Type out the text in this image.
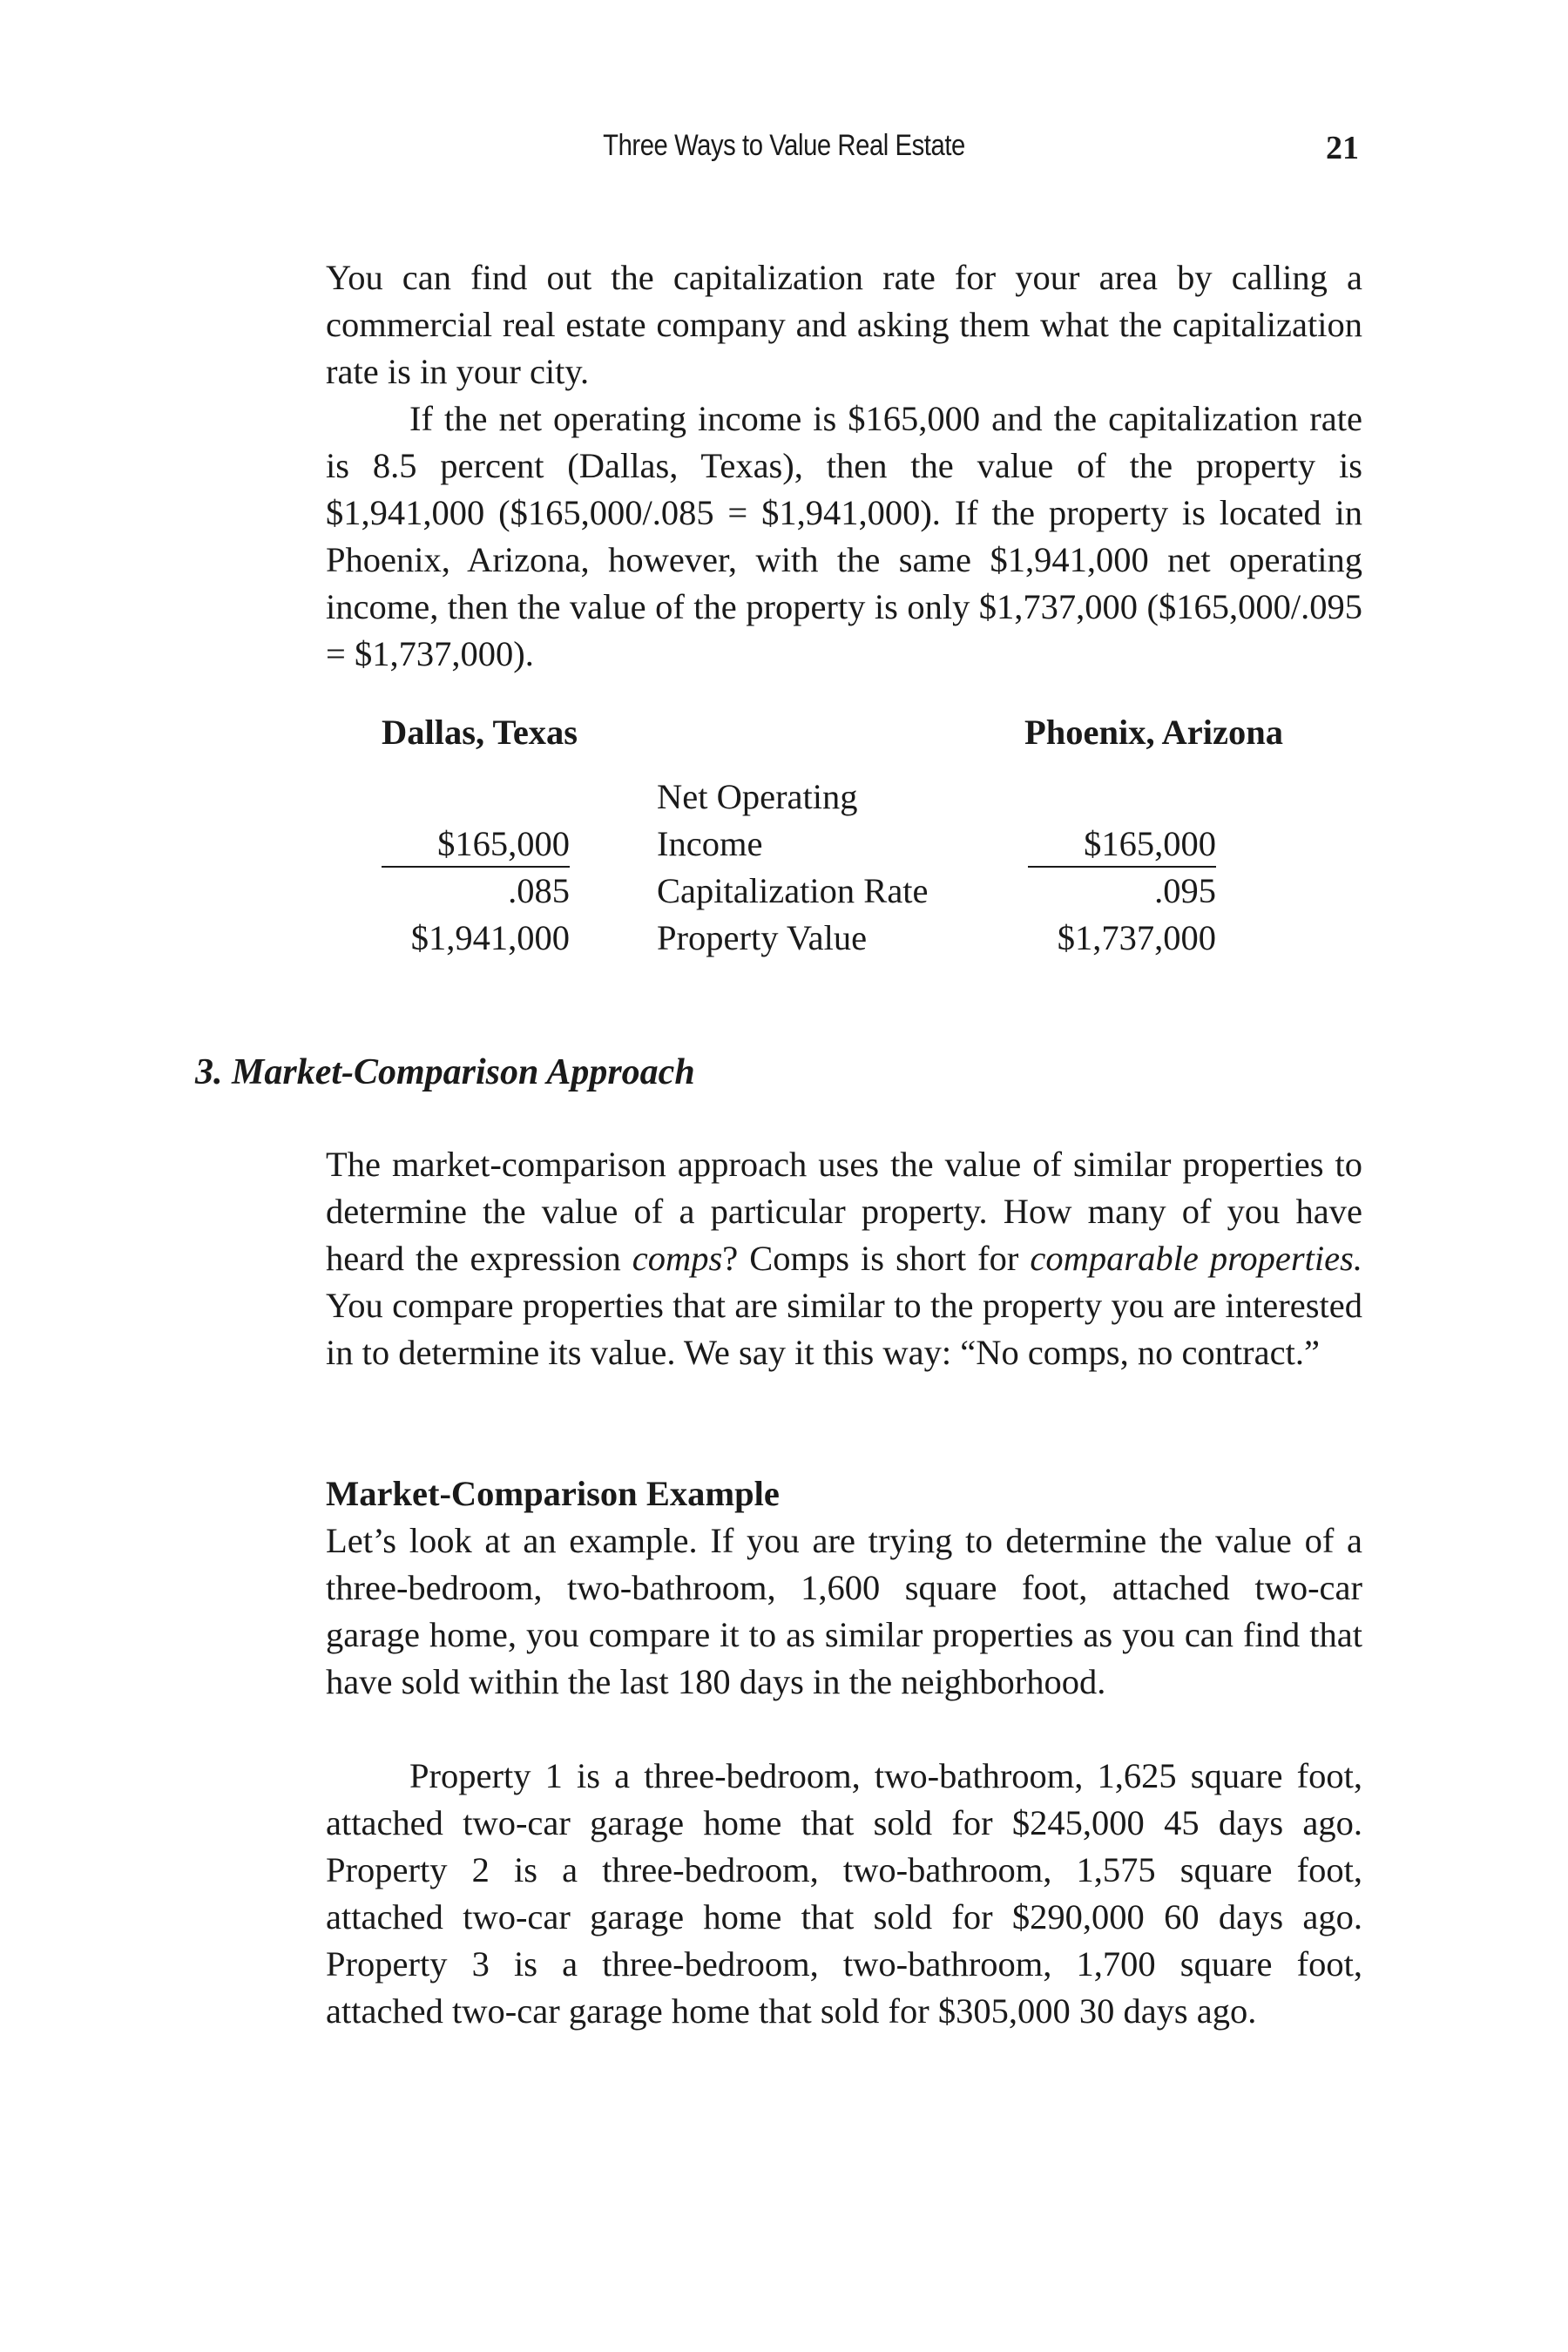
Three Ways to Value Real Estate	21

You can find out the capitalization rate for your area by calling a commercial real estate company and asking them what the capitalization rate is in your city.

If the net operating income is $165,000 and the capitalization rate is 8.5 percent (Dallas, Texas), then the value of the property is $1,941,000 ($165,000/.085 = $1,941,000). If the property is located in Phoenix, Arizona, however, with the same $1,941,000 net operating income, then the value of the property is only $1,737,000 ($165,000/.095 = $1,737,000).

Dallas, Texas	Phoenix, Arizona
Net Operating
Income
Capitalization Rate
Property Value
$165,000
.085
$1,941,000
$165,000
.095
$1,737,000
3. Market-Comparison Approach

The market-comparison approach uses the value of similar properties to determine the value of a particular property. How many of you have heard the expression comps? Comps is short for comparable properties. You compare properties that are similar to the property you are interested in to determine its value. We say it this way: “No comps, no contract.”

Market-Comparison Example

Let’s look at an example. If you are trying to determine the value of a three-bedroom, two-bathroom, 1,600 square foot, attached two-car garage home, you compare it to as similar properties as you can find that have sold within the last 180 days in the neighborhood.

Property 1 is a three-bedroom, two-bathroom, 1,625 square foot, attached two-car garage home that sold for $245,000 45 days ago. Property 2 is a three-bedroom, two-bathroom, 1,575 square foot, attached two-car garage home that sold for $290,000 60 days ago. Property 3 is a three-bedroom, two-bathroom, 1,700 square foot, attached two-car garage home that sold for $305,000 30 days ago.
